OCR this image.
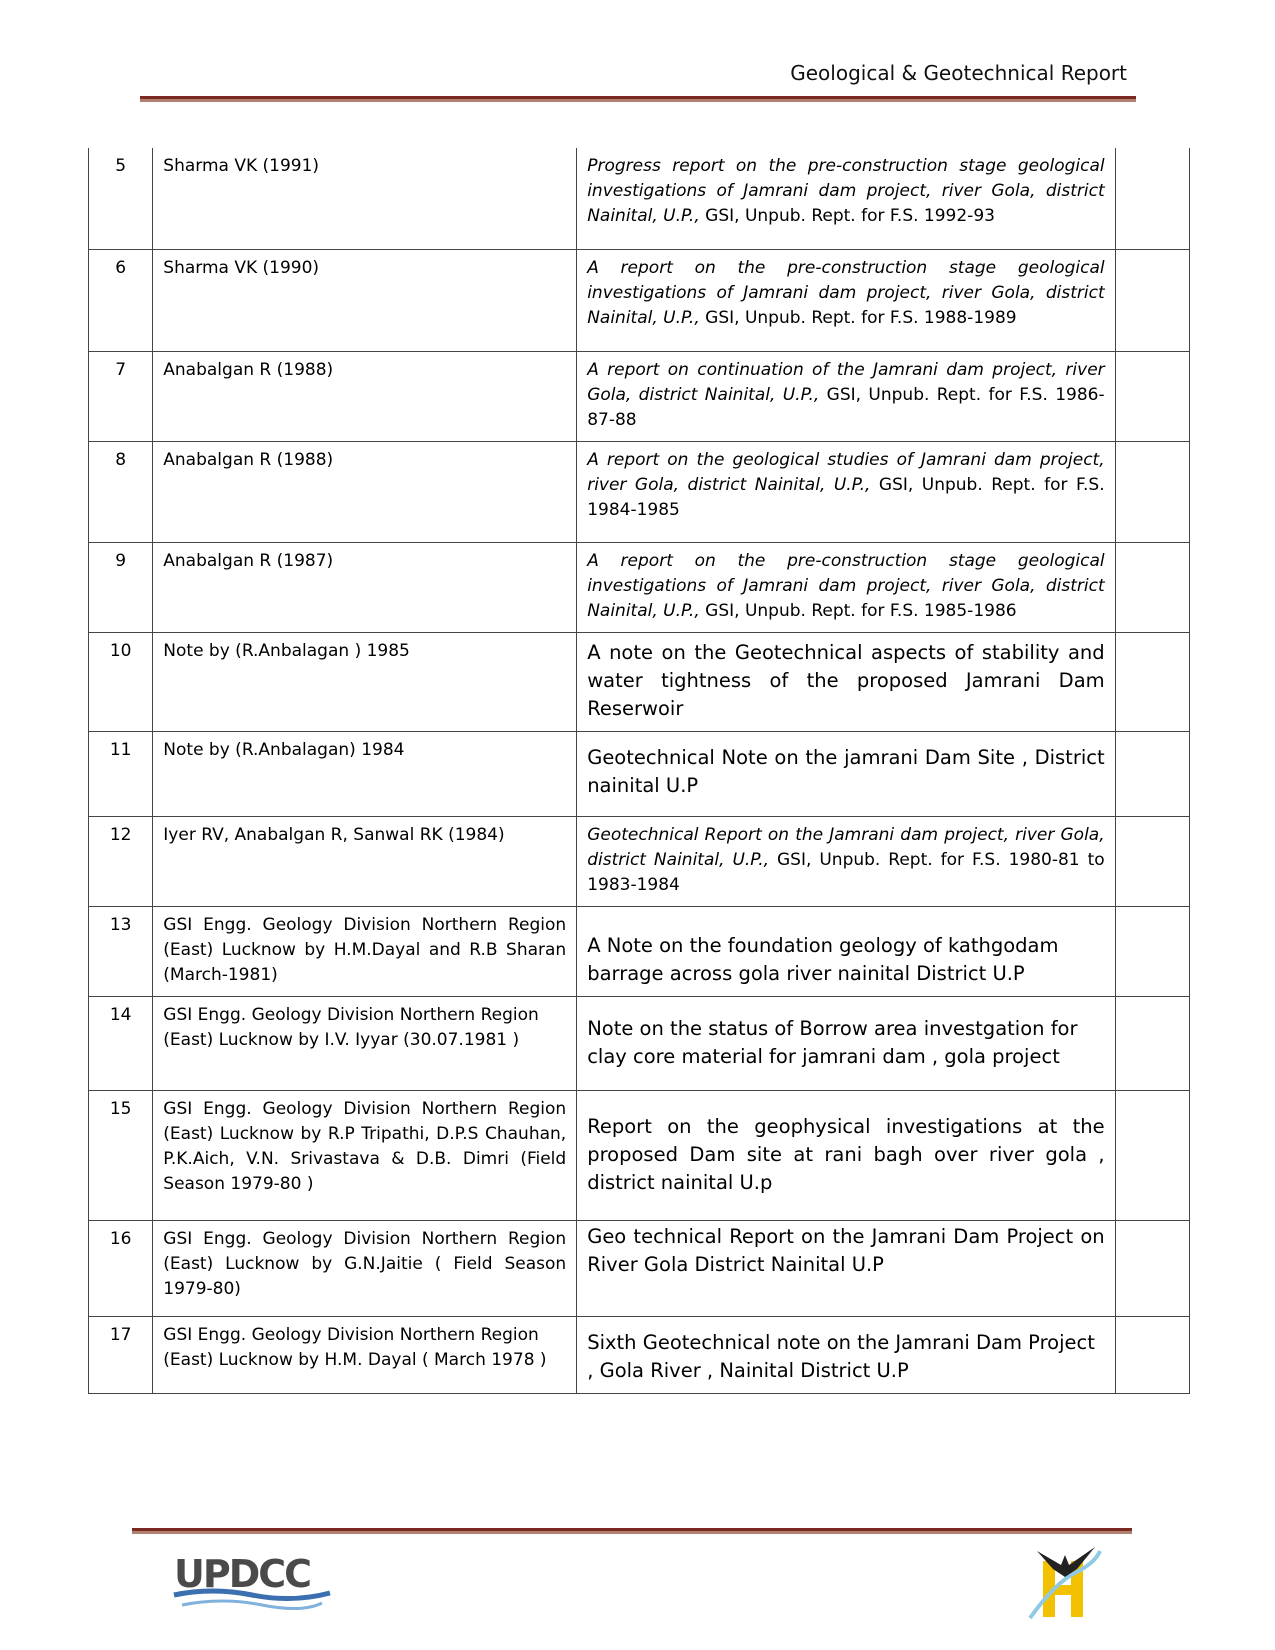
Geological & Geotechnical Report
5	Sharma VK (1991)	Progress report on the pre-construction stage geological investigations of Jamrani dam project, river Gola, district Nainital, U.P., GSI, Unpub. Rept. for F.S. 1992-93	
6	Sharma VK (1990)	A report on the pre-construction stage geological investigations of Jamrani dam project, river Gola, district Nainital, U.P., GSI, Unpub. Rept. for F.S. 1988-1989	
7	Anabalgan R (1988)	A report on continuation of the Jamrani dam project, river Gola, district Nainital, U.P., GSI, Unpub. Rept. for F.S. 1986-87-88	
8	Anabalgan R (1988)	A report on the geological studies of Jamrani dam project, river Gola, district Nainital, U.P., GSI, Unpub. Rept. for F.S. 1984-1985	
9	Anabalgan R (1987)	A report on the pre-construction stage geological investigations of Jamrani dam project, river Gola, district Nainital, U.P., GSI, Unpub. Rept. for F.S. 1985-1986	
10	Note by (R.Anbalagan ) 1985	A note on the Geotechnical aspects of stability and water tightness of the proposed Jamrani Dam Reserwoir	

11	Note by (R.Anbalagan) 1984	Geotechnical Note on the jamrani Dam Site , District nainital U.P	

12	Iyer RV, Anabalgan R, Sanwal RK (1984)	Geotechnical Report on the Jamrani dam project, river Gola, district Nainital, U.P., GSI, Unpub. Rept. for F.S. 1980-81 to 1983-1984	
13	GSI Engg. Geology Division Northern Region (East) Lucknow by H.M.Dayal and R.B Sharan (March-1981)	A Note on the foundation geology of kathgodam barrage across gola river nainital District U.P	

14	GSI Engg. Geology Division Northern Region (East) Lucknow by I.V. Iyyar (30.07.1981 )	Note on the status of Borrow area investgation for clay core material for jamrani dam , gola project	

15	GSI Engg. Geology Division Northern Region (East) Lucknow by R.P Tripathi, D.P.S Chauhan, P.K.Aich, V.N. Srivastava & D.B. Dimri (Field Season 1979-80 )	Report on the geophysical investigations at the proposed Dam site at rani bagh over river gola , district nainital U.p	

16	GSI Engg. Geology Division Northern Region (East) Lucknow by G.N.Jaitie ( Field Season 1979-80)	Geo technical Report on the Jamrani Dam Project on River Gola District Nainital U.P	

17	GSI Engg. Geology Division Northern Region (East) Lucknow by H.M. Dayal ( March 1978 )	Sixth Geotechnical note on the Jamrani Dam Project , Gola River , Nainital District U.P	

UPDCC
